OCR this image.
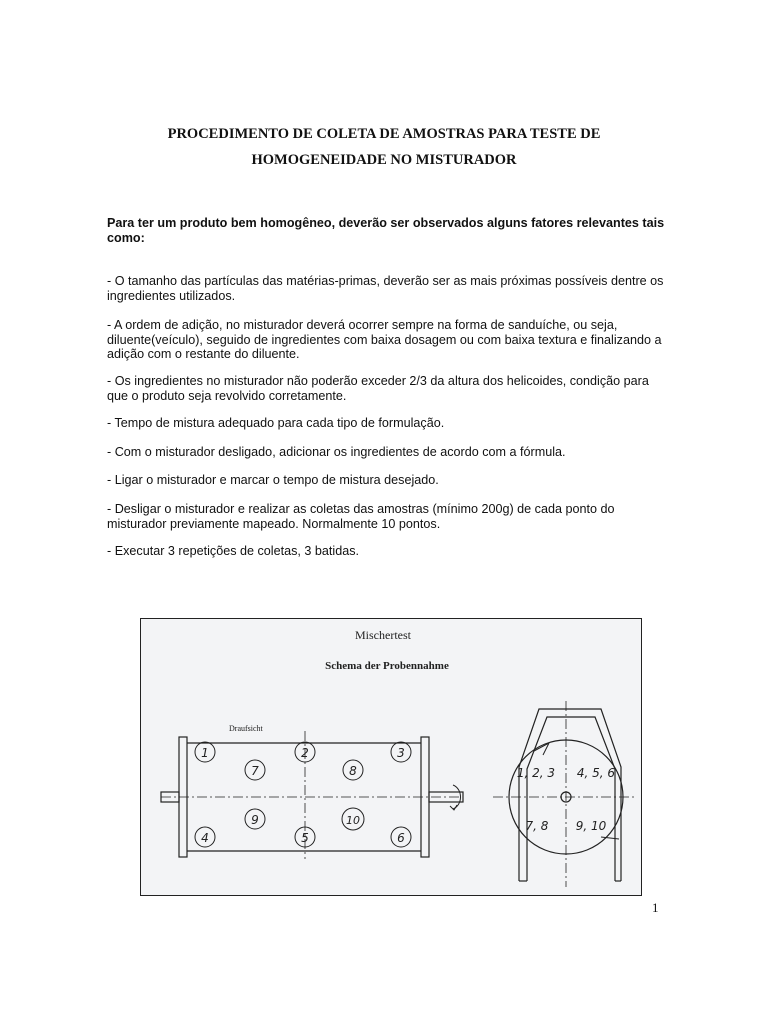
PROCEDIMENTO DE COLETA DE AMOSTRAS PARA TESTE DE
HOMOGENEIDADE NO MISTURADOR
Para ter um produto bem homogêneo, deverão ser observados alguns fatores relevantes tais como:
- O tamanho das partículas das matérias-primas, deverão ser as mais próximas possíveis dentre os ingredientes utilizados.
- A ordem de adição, no misturador deverá ocorrer sempre na forma de sanduíche, ou seja, diluente(veículo), seguido de ingredientes com baixa dosagem ou com baixa textura e finalizando a adição com o restante do diluente.
- Os ingredientes no misturador não poderão exceder 2/3 da altura dos helicoides, condição para que o produto seja revolvido corretamente.
- Tempo de mistura adequado para cada tipo de formulação.
- Com o misturador desligado, adicionar os ingredientes de acordo com a fórmula.
- Ligar o misturador e marcar o tempo de mistura desejado.
- Desligar o misturador e realizar as coletas das amostras (mínimo 200g) de cada ponto do misturador previamente mapeado. Normalmente 10 pontos.
- Executar 3 repetições de coletas, 3 batidas.
Mischertest
Schema der Probennahme
Draufsicht
1	2	3
7	8
9	10
4	5	6
1, 2, 3 4, 5, 6
7, 8 9, 10
1
